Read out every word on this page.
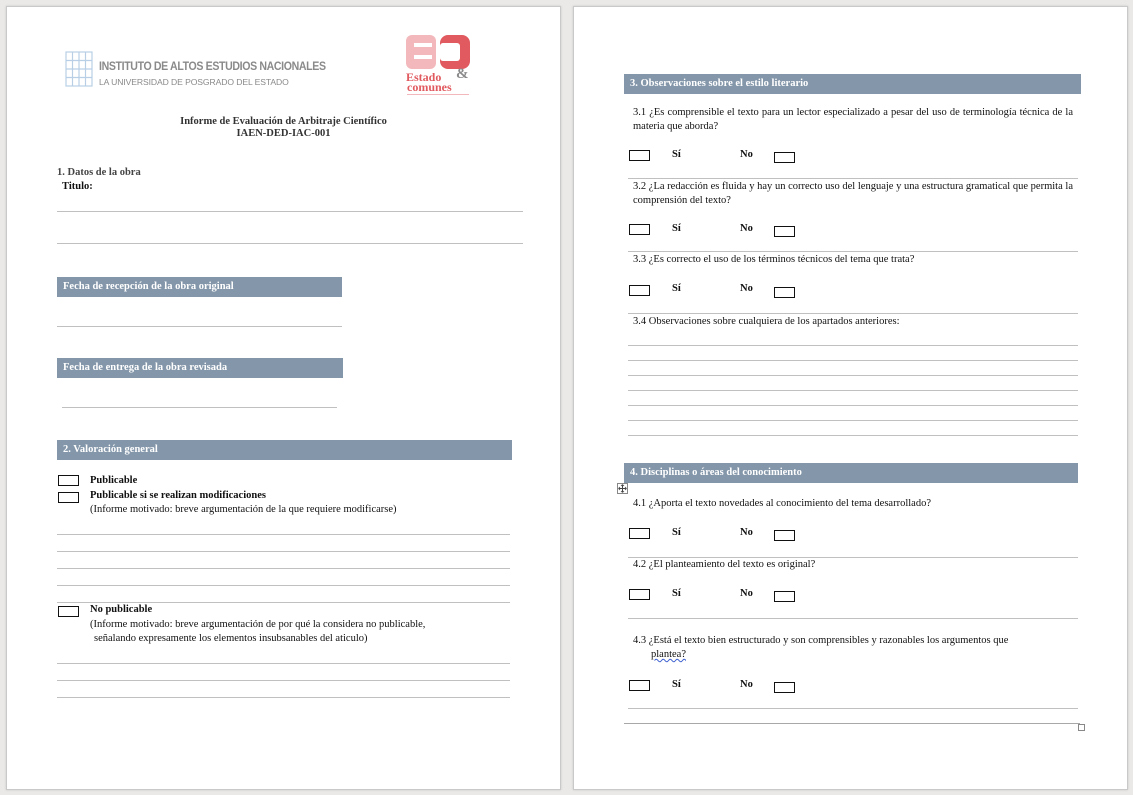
INSTITUTO DE ALTOS ESTUDIOS NACIONALES
LA UNIVERSIDAD DE POSGRADO DEL ESTADO	Estado &
comunes
Informe de Evaluación de Arbitraje Científico
IAEN-DED-IAC-001
1. Datos de la obra
Titulo:
Fecha de recepción de la obra original
Fecha de entrega de la obra revisada
2. Valoración general
Publicable
Publicable si se realizan modificaciones
(Informe motivado: breve argumentación de la que requiere modificarse)
No publicable
(Informe motivado: breve argumentación de por qué la considera no publicable,
señalando expresamente los elementos insubsanables del aticulo)
3. Observaciones sobre el estilo literario
3.1 ¿Es comprensible el texto para un lector especializado a pesar del uso de terminología técnica de la materia que aborda?
Sí	No
3.2 ¿La redacción es fluida y hay un correcto uso del lenguaje y una estructura gramatical que permita la comprensión del texto?
Sí	No
3.3 ¿Es correcto el uso de los términos técnicos del tema que trata?
Sí	No
3.4 Observaciones sobre cualquiera de los apartados anteriores:
4. Disciplinas o áreas del conocimiento
4.1 ¿Aporta el texto novedades al conocimiento del tema desarrollado?
Sí	No
4.2 ¿El planteamiento del texto es original?
Sí	No
4.3 ¿Está el texto bien estructurado y son comprensibles y razonables los argumentos que
plantea?
Sí	No
